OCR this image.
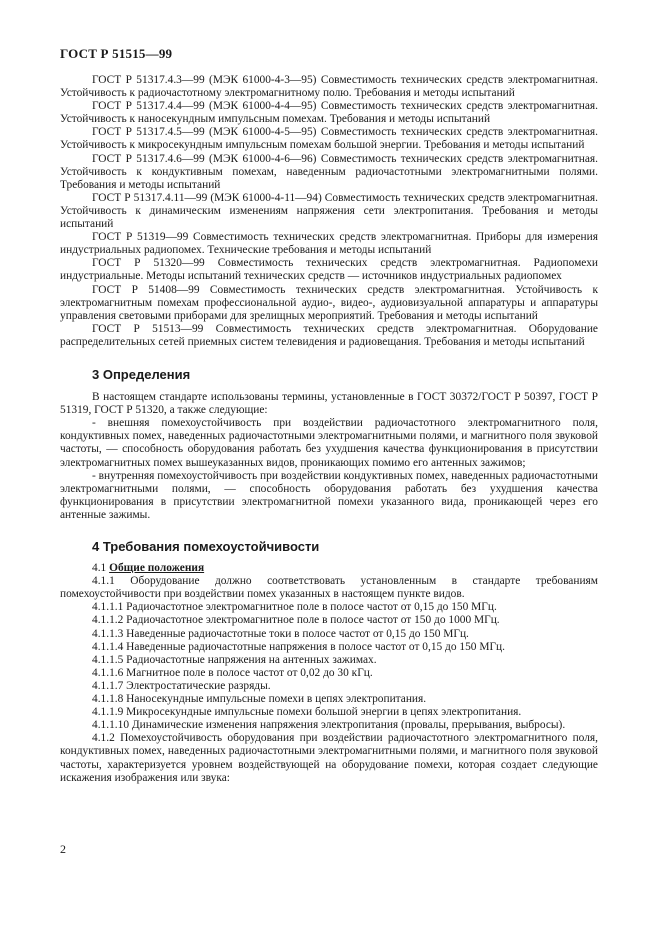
ГОСТ Р 51515—99

ГОСТ Р 51317.4.3—99 (МЭК 61000-4-3—95) Совместимость технических средств электромагнитная. Устойчивость к радиочастотному электромагнитному полю. Требования и методы испытаний

ГОСТ Р 51317.4.4—99 (МЭК 61000-4-4—95) Совместимость технических средств электромагнитная. Устойчивость к наносекундным импульсным помехам. Требования и методы испытаний

ГОСТ Р 51317.4.5—99 (МЭК 61000-4-5—95) Совместимость технических средств электромагнитная. Устойчивость к микросекундным импульсным помехам большой энергии. Требования и методы испытаний

ГОСТ Р 51317.4.6—99 (МЭК 61000-4-6—96) Совместимость технических средств электромагнитная. Устойчивость к кондуктивным помехам, наведенным радиочастотными электромагнитными полями. Требования и методы испытаний

ГОСТ Р 51317.4.11—99 (МЭК 61000-4-11—94) Совместимость технических средств электромагнитная. Устойчивость к динамическим изменениям напряжения сети электропитания. Требования и методы испытаний

ГОСТ Р 51319—99 Совместимость технических средств электромагнитная. Приборы для измерения индустриальных радиопомех. Технические требования и методы испытаний

ГОСТ Р 51320—99 Совместимость технических средств электромагнитная. Радиопомехи индустриальные. Методы испытаний технических средств — источников индустриальных радиопомех

ГОСТ Р 51408—99 Совместимость технических средств электромагнитная. Устойчивость к электромагнитным помехам профессиональной аудио-, видео-, аудиовизуальной аппаратуры и аппаратуры управления световыми приборами для зрелищных мероприятий. Требования и методы испытаний

ГОСТ Р 51513—99 Совместимость технических средств электромагнитная. Оборудование распределительных сетей приемных систем телевидения и радиовещания. Требования и методы испытаний

3 Определения

В настоящем стандарте использованы термины, установленные в ГОСТ 30372/ГОСТ Р 50397, ГОСТ Р 51319, ГОСТ Р 51320, а также следующие:

- внешняя помехоустойчивость при воздействии радиочастотного электромагнитного поля, кондуктивных помех, наведенных радиочастотными электромагнитными полями, и магнитного поля звуковой частоты, — способность оборудования работать без ухудшения качества функционирования в присутствии электромагнитных помех вышеуказанных видов, проникающих помимо его антенных зажимов;

- внутренняя помехоустойчивость при воздействии кондуктивных помех, наведенных радиочастотными электромагнитными полями, — способность оборудования работать без ухудшения качества функционирования в присутствии электромагнитной помехи указанного вида, проникающей через его антенные зажимы.

4 Требования помехоустойчивости

4.1 Общие положения

4.1.1 Оборудование должно соответствовать установленным в стандарте требованиям помехоустойчивости при воздействии помех указанных в настоящем пункте видов.

4.1.1.1 Радиочастотное электромагнитное поле в полосе частот от 0,15 до 150 МГц.

4.1.1.2 Радиочастотное электромагнитное поле в полосе частот от 150 до 1000 МГц.

4.1.1.3 Наведенные радиочастотные токи в полосе частот от 0,15 до 150 МГц.

4.1.1.4 Наведенные радиочастотные напряжения в полосе частот от 0,15 до 150 МГц.

4.1.1.5 Радиочастотные напряжения на антенных зажимах.

4.1.1.6 Магнитное поле в полосе частот от 0,02 до 30 кГц.

4.1.1.7 Электростатические разряды.

4.1.1.8 Наносекундные импульсные помехи в цепях электропитания.

4.1.1.9 Микросекундные импульсные помехи большой энергии в цепях электропитания.

4.1.1.10 Динамические изменения напряжения электропитания (провалы, прерывания, выбросы).

4.1.2 Помехоустойчивость оборудования при воздействии радиочастотного электромагнитного поля, кондуктивных помех, наведенных радиочастотными электромагнитными полями, и магнитного поля звуковой частоты, характеризуется уровнем воздействующей на оборудование помехи, которая создает следующие искажения изображения или звука:

2
